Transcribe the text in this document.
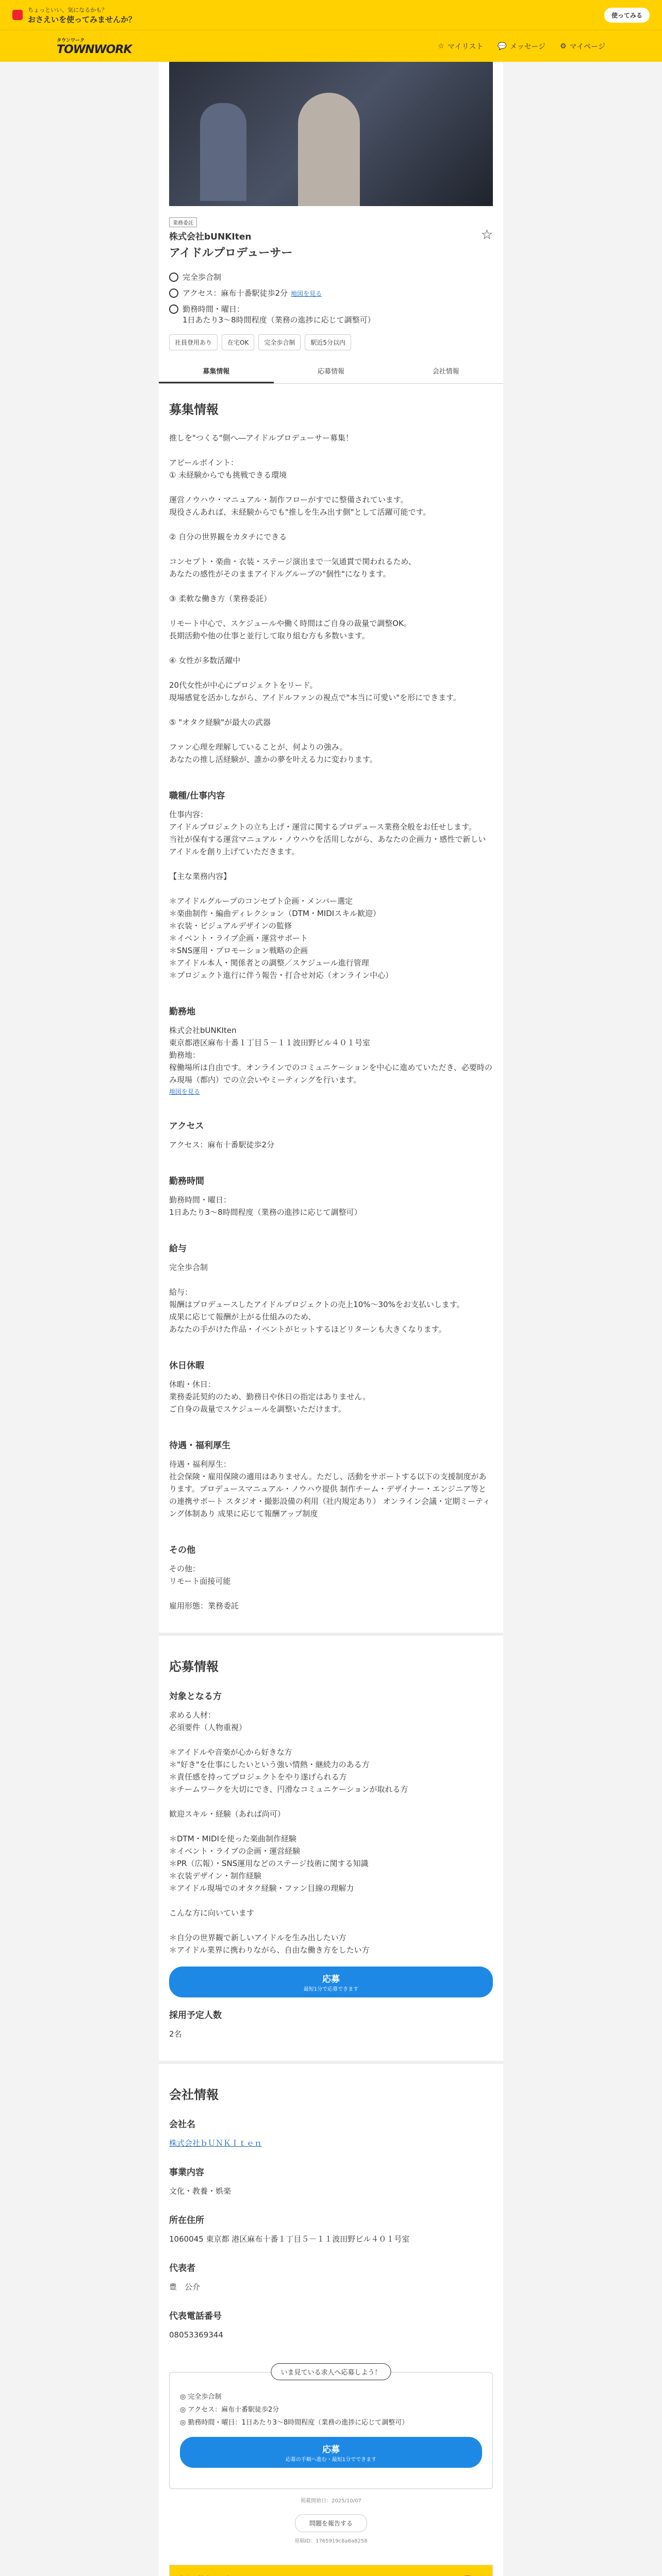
ちょっといい、気になるかも？
おさえいを使ってみませんか？	使ってみる
タウンワーク
TOWNWORK	☆ マイリスト 💬 メッセージ ⚙ マイページ
業務委託
株式会社bUNKIten
アイドルプロデューサー
☆
完全歩合制
アクセス：麻布十番駅徒歩2分 地図を見る
勤務時間・曜日：
1日あたり3〜8時間程度（業務の進捗に応じて調整可）
社員登用あり	在宅OK	完全歩合制	駅近5分以内
募集情報	応募情報	会社情報
募集情報

推しを"つくる"側へ―アイドルプロデューサー募集！

アピールポイント：
① 未経験からでも挑戦できる環境

運営ノウハウ・マニュアル・制作フローがすでに整備されています。
現役さんあれば、未経験からでも"推しを生み出す側"として活躍可能です。

② 自分の世界観をカタチにできる

コンセプト・楽曲・衣装・ステージ演出まで一気通貫で関われるため、
あなたの感性がそのままアイドルグループの"個性"になります。

③ 柔軟な働き方（業務委託）

リモート中心で、スケジュールや働く時間はご自身の裁量で調整OK。
長期活動や他の仕事と並行して取り組む方も多数います。

④ 女性が多数活躍中

20代女性が中心にプロジェクトをリード。
現場感覚を活かしながら、アイドルファンの視点で"本当に可愛い"を形にできます。

⑤ "オタク経験"が最大の武器

ファン心理を理解していることが、何よりの強み。
あなたの推し活経験が、誰かの夢を叶える力に変わります。

職種/仕事内容

仕事内容：
アイドルプロジェクトの立ち上げ・運営に関するプロデュース業務全般をお任せします。
当社が保有する運営マニュアル・ノウハウを活用しながら、あなたの企画力・感性で新しいアイドルを創り上げていただきます。

【主な業務内容】

＊アイドルグループのコンセプト企画・メンバー選定
＊楽曲制作・編曲ディレクション（DTM・MIDIスキル歓迎）
＊衣装・ビジュアルデザインの監修
＊イベント・ライブ企画・運営サポート
＊SNS運用・プロモーション戦略の企画
＊アイドル本人・関係者との調整／スケジュール進行管理
＊プロジェクト進行に伴う報告・打合せ対応（オンライン中心）

勤務地

株式会社bUNKIten
東京都港区麻布十番１丁目５－１１波田野ビル４０１号室
勤務地：
稼働場所は自由です。オンラインでのコミュニケーションを中心に進めていただき、必要時のみ現場（都内）での立会いやミーティングを行います。

地図を見る
アクセス

アクセス：麻布十番駅徒歩2分

勤務時間

勤務時間・曜日：
1日あたり3〜8時間程度（業務の進捗に応じて調整可）

給与

完全歩合制

給与：
報酬はプロデュースしたアイドルプロジェクトの売上10%〜30%をお支払いします。
成果に応じて報酬が上がる仕組みのため、
あなたの手がけた作品・イベントがヒットするほどリターンも大きくなります。

休日休暇

休暇・休日：
業務委託契約のため、勤務日や休日の指定はありません。
ご自身の裁量でスケジュールを調整いただけます。

待遇・福利厚生

待遇・福利厚生：
社会保険・雇用保険の適用はありません。ただし、活動をサポートする以下の支援制度があります。プロデュースマニュアル・ノウハウ提供 制作チーム・デザイナー・エンジニア等との連携サポート スタジオ・撮影設備の利用（社内規定あり） オンライン会議・定期ミーティング体制あり 成果に応じて報酬アップ制度

その他

その他：
リモート面接可能

雇用形態：業務委託

応募情報
対象となる方

求める人材：
必須要件（人物重視）

＊アイドルや音楽が心から好きな方
＊"好き"を仕事にしたいという強い情熱・継続力のある方
＊責任感を持ってプロジェクトをやり遂げられる方
＊チームワークを大切にでき、円滑なコミュニケーションが取れる方

歓迎スキル・経験（あれば尚可）

＊DTM・MIDIを使った楽曲制作経験
＊イベント・ライブの企画・運営経験
＊PR（広報）・SNS運用などのステージ技術に関する知識
＊衣装デザイン・制作経験
＊アイドル現場でのオタク経験・ファン目線の理解力

こんな方に向いています

＊自分の世界観で新しいアイドルを生み出したい方
＊アイドル業界に携わりながら、自由な働き方をしたい方

応募
最短1分で応募できます
採用予定人数

2名

会社情報
会社名

株式会社ｂＵＮＫＩｔｅｎ

事業内容

文化・教養・娯楽

所在住所

1060045 東京都 港区麻布十番１丁目５－１１波田野ビル４０１号室

代表者

豊　公介

代表電話番号

08053369344

いま見ている求人へ応募しよう！
◎ 完全歩合制
◎ アクセス：麻布十番駅徒歩2分
◎ 勤務時間・曜日：1日あたり3〜8時間程度（業務の進捗に応じて調整可）
応募
応募の手順へ進む・最短1分でできます
掲載開始日：2025/10/07
問題を報告する
原稿ID：1765919c8a6a8258
